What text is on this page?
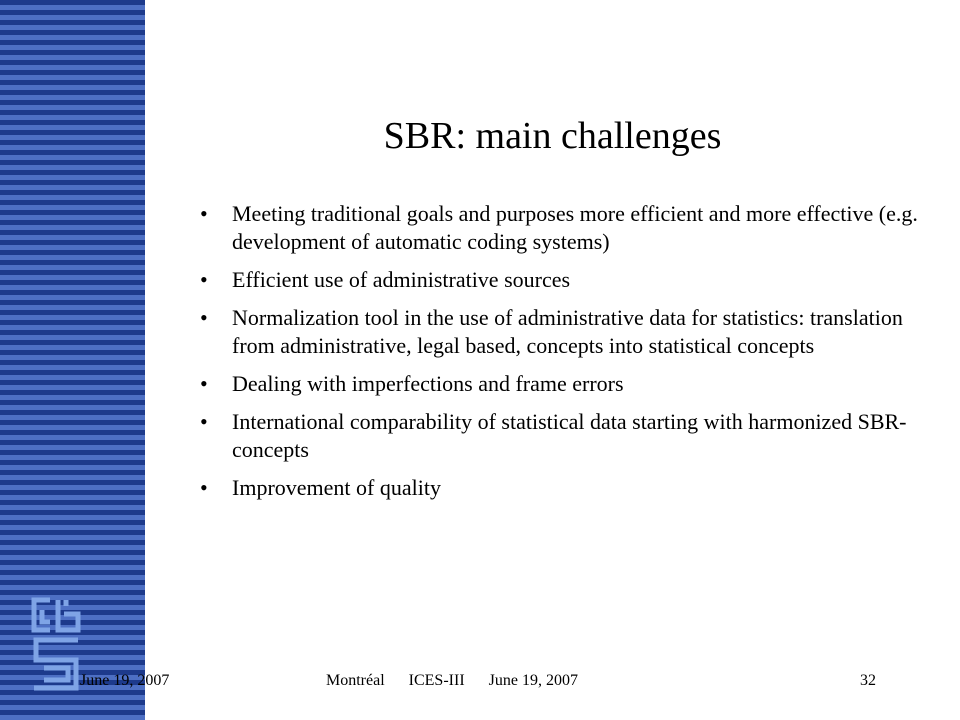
June 19, 2007
SBR: main challenges
• Meeting traditional goals and purposes more efficient and more effective (e.g. development of automatic coding systems)
• Efficient use of administrative sources
• Normalization tool in the use of administrative data for statistics: translation from administrative, legal based, concepts into statistical concepts
• Dealing with imperfections and frame errors
• International comparability of statistical data starting with harmonized SBR-concepts
• Improvement of quality
Montréal ICES-III June 19, 2007	32
